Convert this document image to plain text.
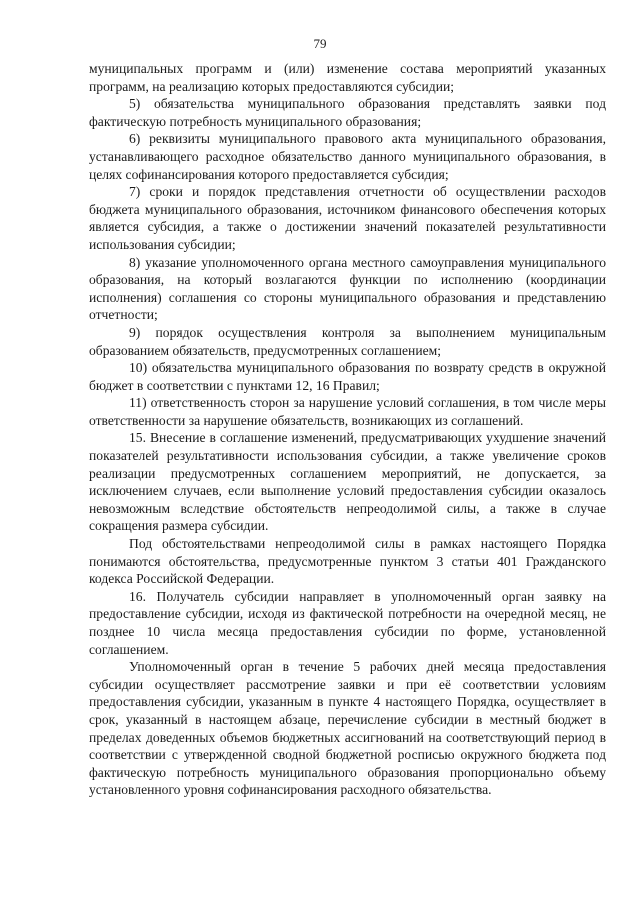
79

муниципальных программ и (или) изменение состава мероприятий указанных программ, на реализацию которых предоставляются субсидии;

5) обязательства муниципального образования представлять заявки под фактическую потребность муниципального образования;

6) реквизиты муниципального правового акта муниципального образования, устанавливающего расходное обязательство данного муниципального образования, в целях софинансирования которого предоставляется субсидия;

7) сроки и порядок представления отчетности об осуществлении расходов бюджета муниципального образования, источником финансового обеспечения которых является субсидия, а также о достижении значений показателей результативности использования субсидии;

8) указание уполномоченного органа местного самоуправления муниципального образования, на который возлагаются функции по исполнению (координации исполнения) соглашения со стороны муниципального образования и представлению отчетности;

9) порядок осуществления контроля за выполнением муниципальным образованием обязательств, предусмотренных соглашением;

10) обязательства муниципального образования по возврату средств в окружной бюджет в соответствии с пунктами 12, 16 Правил;

11) ответственность сторон за нарушение условий соглашения, в том числе меры ответственности за нарушение обязательств, возникающих из соглашений.

15. Внесение в соглашение изменений, предусматривающих ухудшение значений показателей результативности использования субсидии, а также увеличение сроков реализации предусмотренных соглашением мероприятий, не допускается, за исключением случаев, если выполнение условий предоставления субсидии оказалось невозможным вследствие обстоятельств непреодолимой силы, а также в случае сокращения размера субсидии.

Под обстоятельствами непреодолимой силы в рамках настоящего Порядка понимаются обстоятельства, предусмотренные пунктом 3 статьи 401 Гражданского кодекса Российской Федерации.

16. Получатель субсидии направляет в уполномоченный орган заявку на предоставление субсидии, исходя из фактической потребности на очередной месяц, не позднее 10 числа месяца предоставления субсидии по форме, установленной соглашением.

Уполномоченный орган в течение 5 рабочих дней месяца предоставления субсидии осуществляет рассмотрение заявки и при её соответствии условиям предоставления субсидии, указанным в пункте 4 настоящего Порядка, осуществляет в срок, указанный в настоящем абзаце, перечисление субсидии в местный бюджет в пределах доведенных объемов бюджетных ассигнований на соответствующий период в соответствии с утвержденной сводной бюджетной росписью окружного бюджета под фактическую потребность муниципального образования пропорционально объему установленного уровня софинансирования расходного обязательства.
